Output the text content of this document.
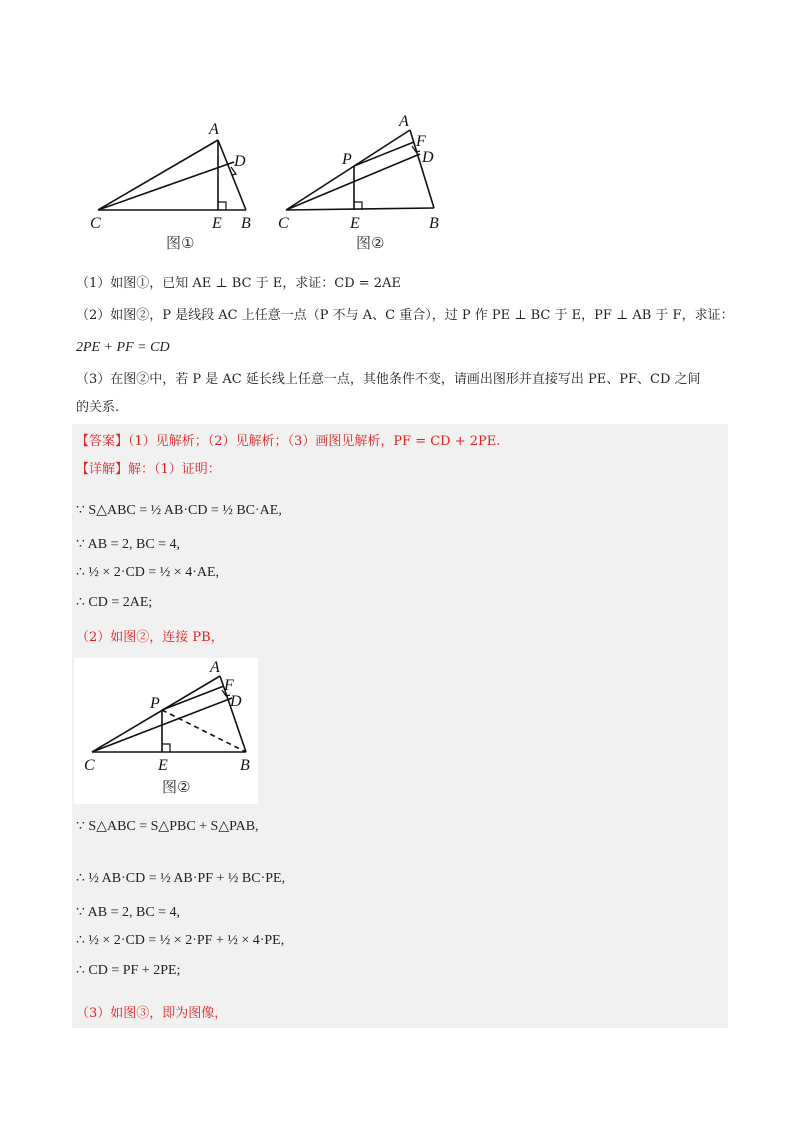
A
D
C	E B
图①
A
F
D
P
C	E	B
图②
（1）如图①，已知 AE ⊥ BC 于 E，求证：CD = 2AE
（2）如图②，P 是线段 AC 上任意一点（P 不与 A、C 重合），过 P 作 PE ⊥ BC 于 E，PF ⊥ AB 于 F，求证：
2PE + PF = CD
（3）在图②中，若 P 是 AC 延长线上任意一点，其他条件不变，请画出图形并直接写出 PE、PF、CD 之间
的关系.
【答案】（1）见解析；（2）见解析；（3）画图见解析，PF = CD + 2PE.
【详解】解：（1）证明：
∵ S△ABC = ½ AB·CD = ½ BC·AE,
∵ AB = 2, BC = 4,
∴ ½ × 2·CD = ½ × 4·AE,
∴ CD = 2AE;
（2）如图②，连接 PB，
A
F
D
P
C	E	B
图②
∵ S△ABC = S△PBC + S△PAB,
∴ ½ AB·CD = ½ AB·PF + ½ BC·PE,
∵ AB = 2, BC = 4,
∴ ½ × 2·CD = ½ × 2·PF + ½ × 4·PE,
∴ CD = PF + 2PE;
（3）如图③，即为图像，
